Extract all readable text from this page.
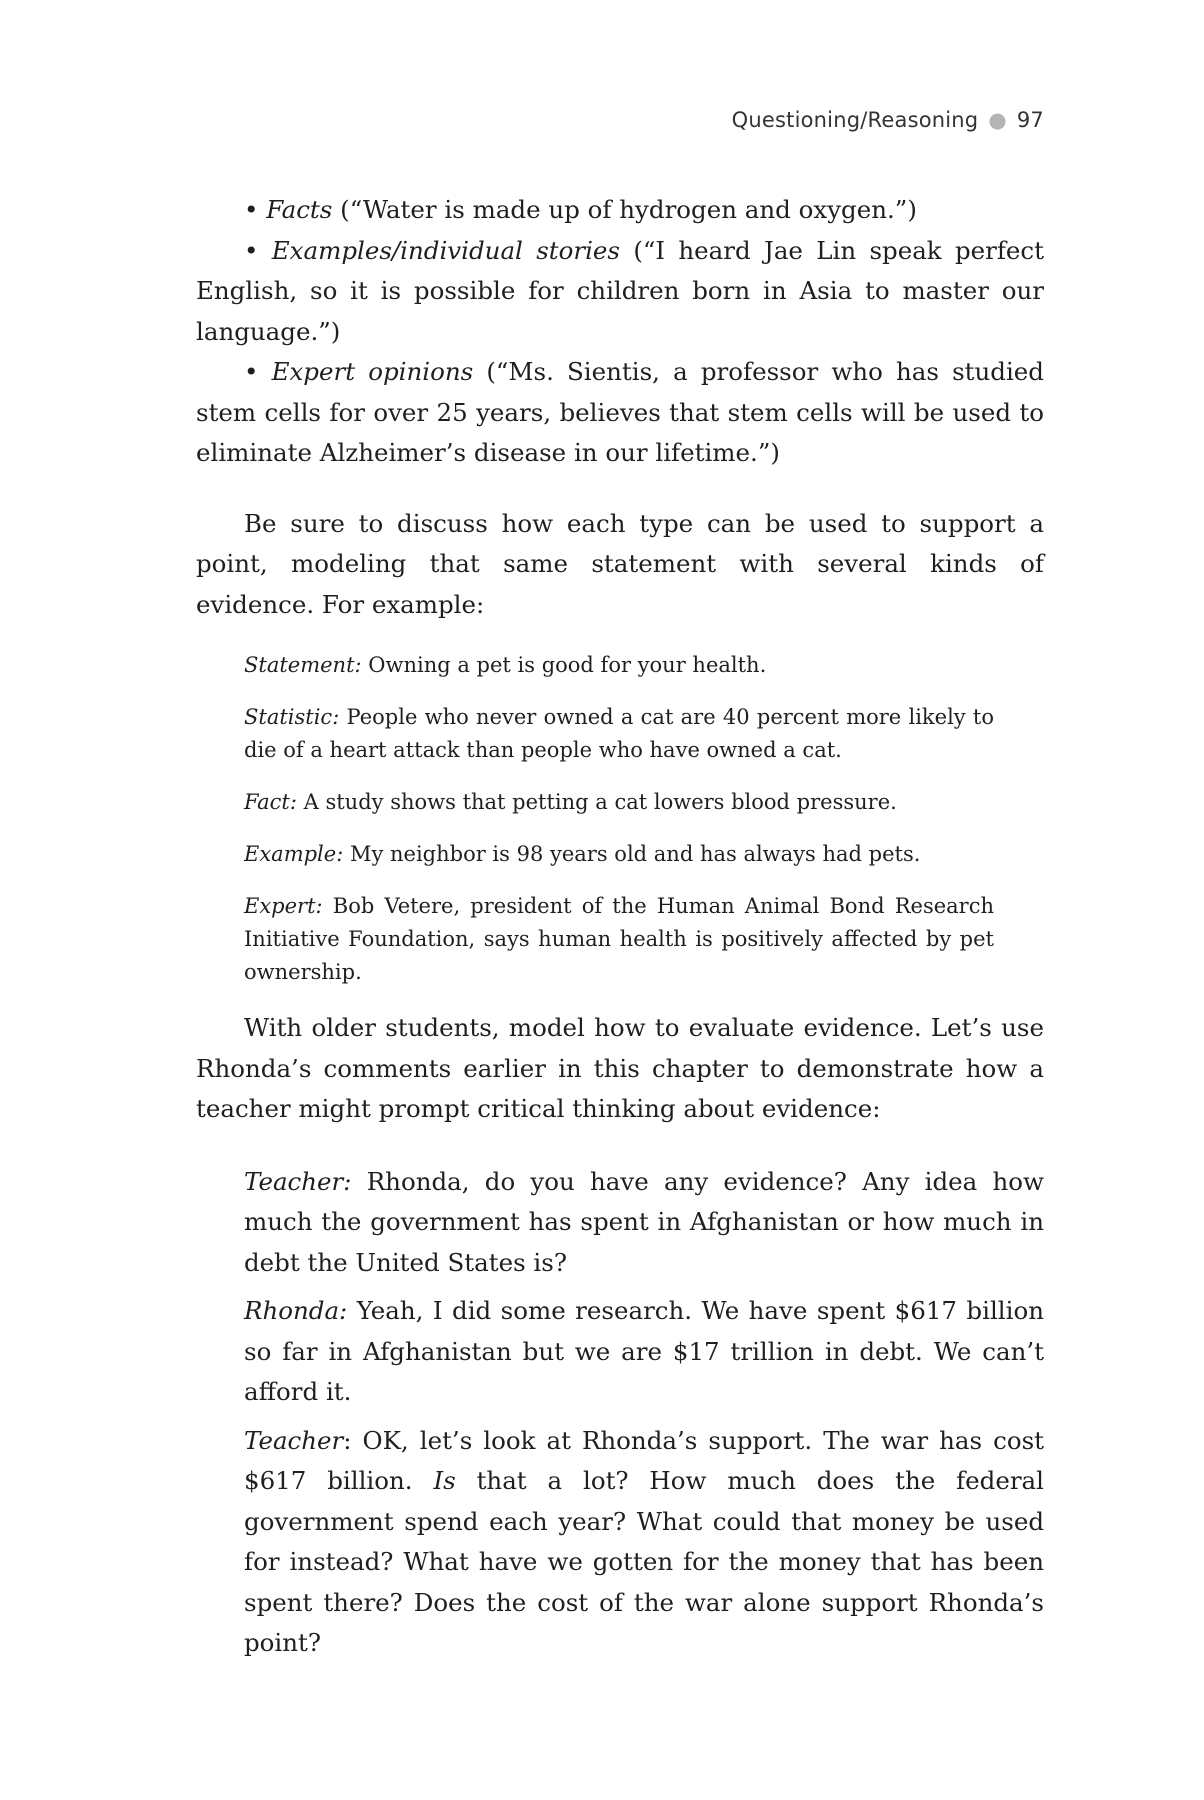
Questioning/Reasoning ● 97

• Facts (“Water is made up of hydrogen and oxygen.”)

• Examples/individual stories (“I heard Jae Lin speak perfect English, so it is possible for children born in Asia to master our language.”)

• Expert opinions (“Ms. Sientis, a professor who has studied stem cells for over 25 years, believes that stem cells will be used to eliminate Alzheimer’s disease in our lifetime.”)

Be sure to discuss how each type can be used to support a point, modeling that same statement with several kinds of evidence. For example:

Statement: Owning a pet is good for your health.

Statistic: People who never owned a cat are 40 percent more likely to die of a heart attack than people who have owned a cat.

Fact: A study shows that petting a cat lowers blood pressure.

Example: My neighbor is 98 years old and has always had pets.

Expert: Bob Vetere, president of the Human Animal Bond Research Initiative Foundation, says human health is positively affected by pet ownership.

With older students, model how to evaluate evidence. Let’s use Rhonda’s comments earlier in this chapter to demonstrate how a teacher might prompt critical thinking about evidence:

Teacher: Rhonda, do you have any evidence? Any idea how much the government has spent in Afghanistan or how much in debt the United States is?

Rhonda: Yeah, I did some research. We have spent $617 billion so far in Afghanistan but we are $17 trillion in debt. We can’t afford it.

Teacher: OK, let’s look at Rhonda’s support. The war has cost $617 billion. Is that a lot? How much does the federal government spend each year? What could that money be used for instead? What have we gotten for the money that has been spent there? Does the cost of the war alone support Rhonda’s point?
